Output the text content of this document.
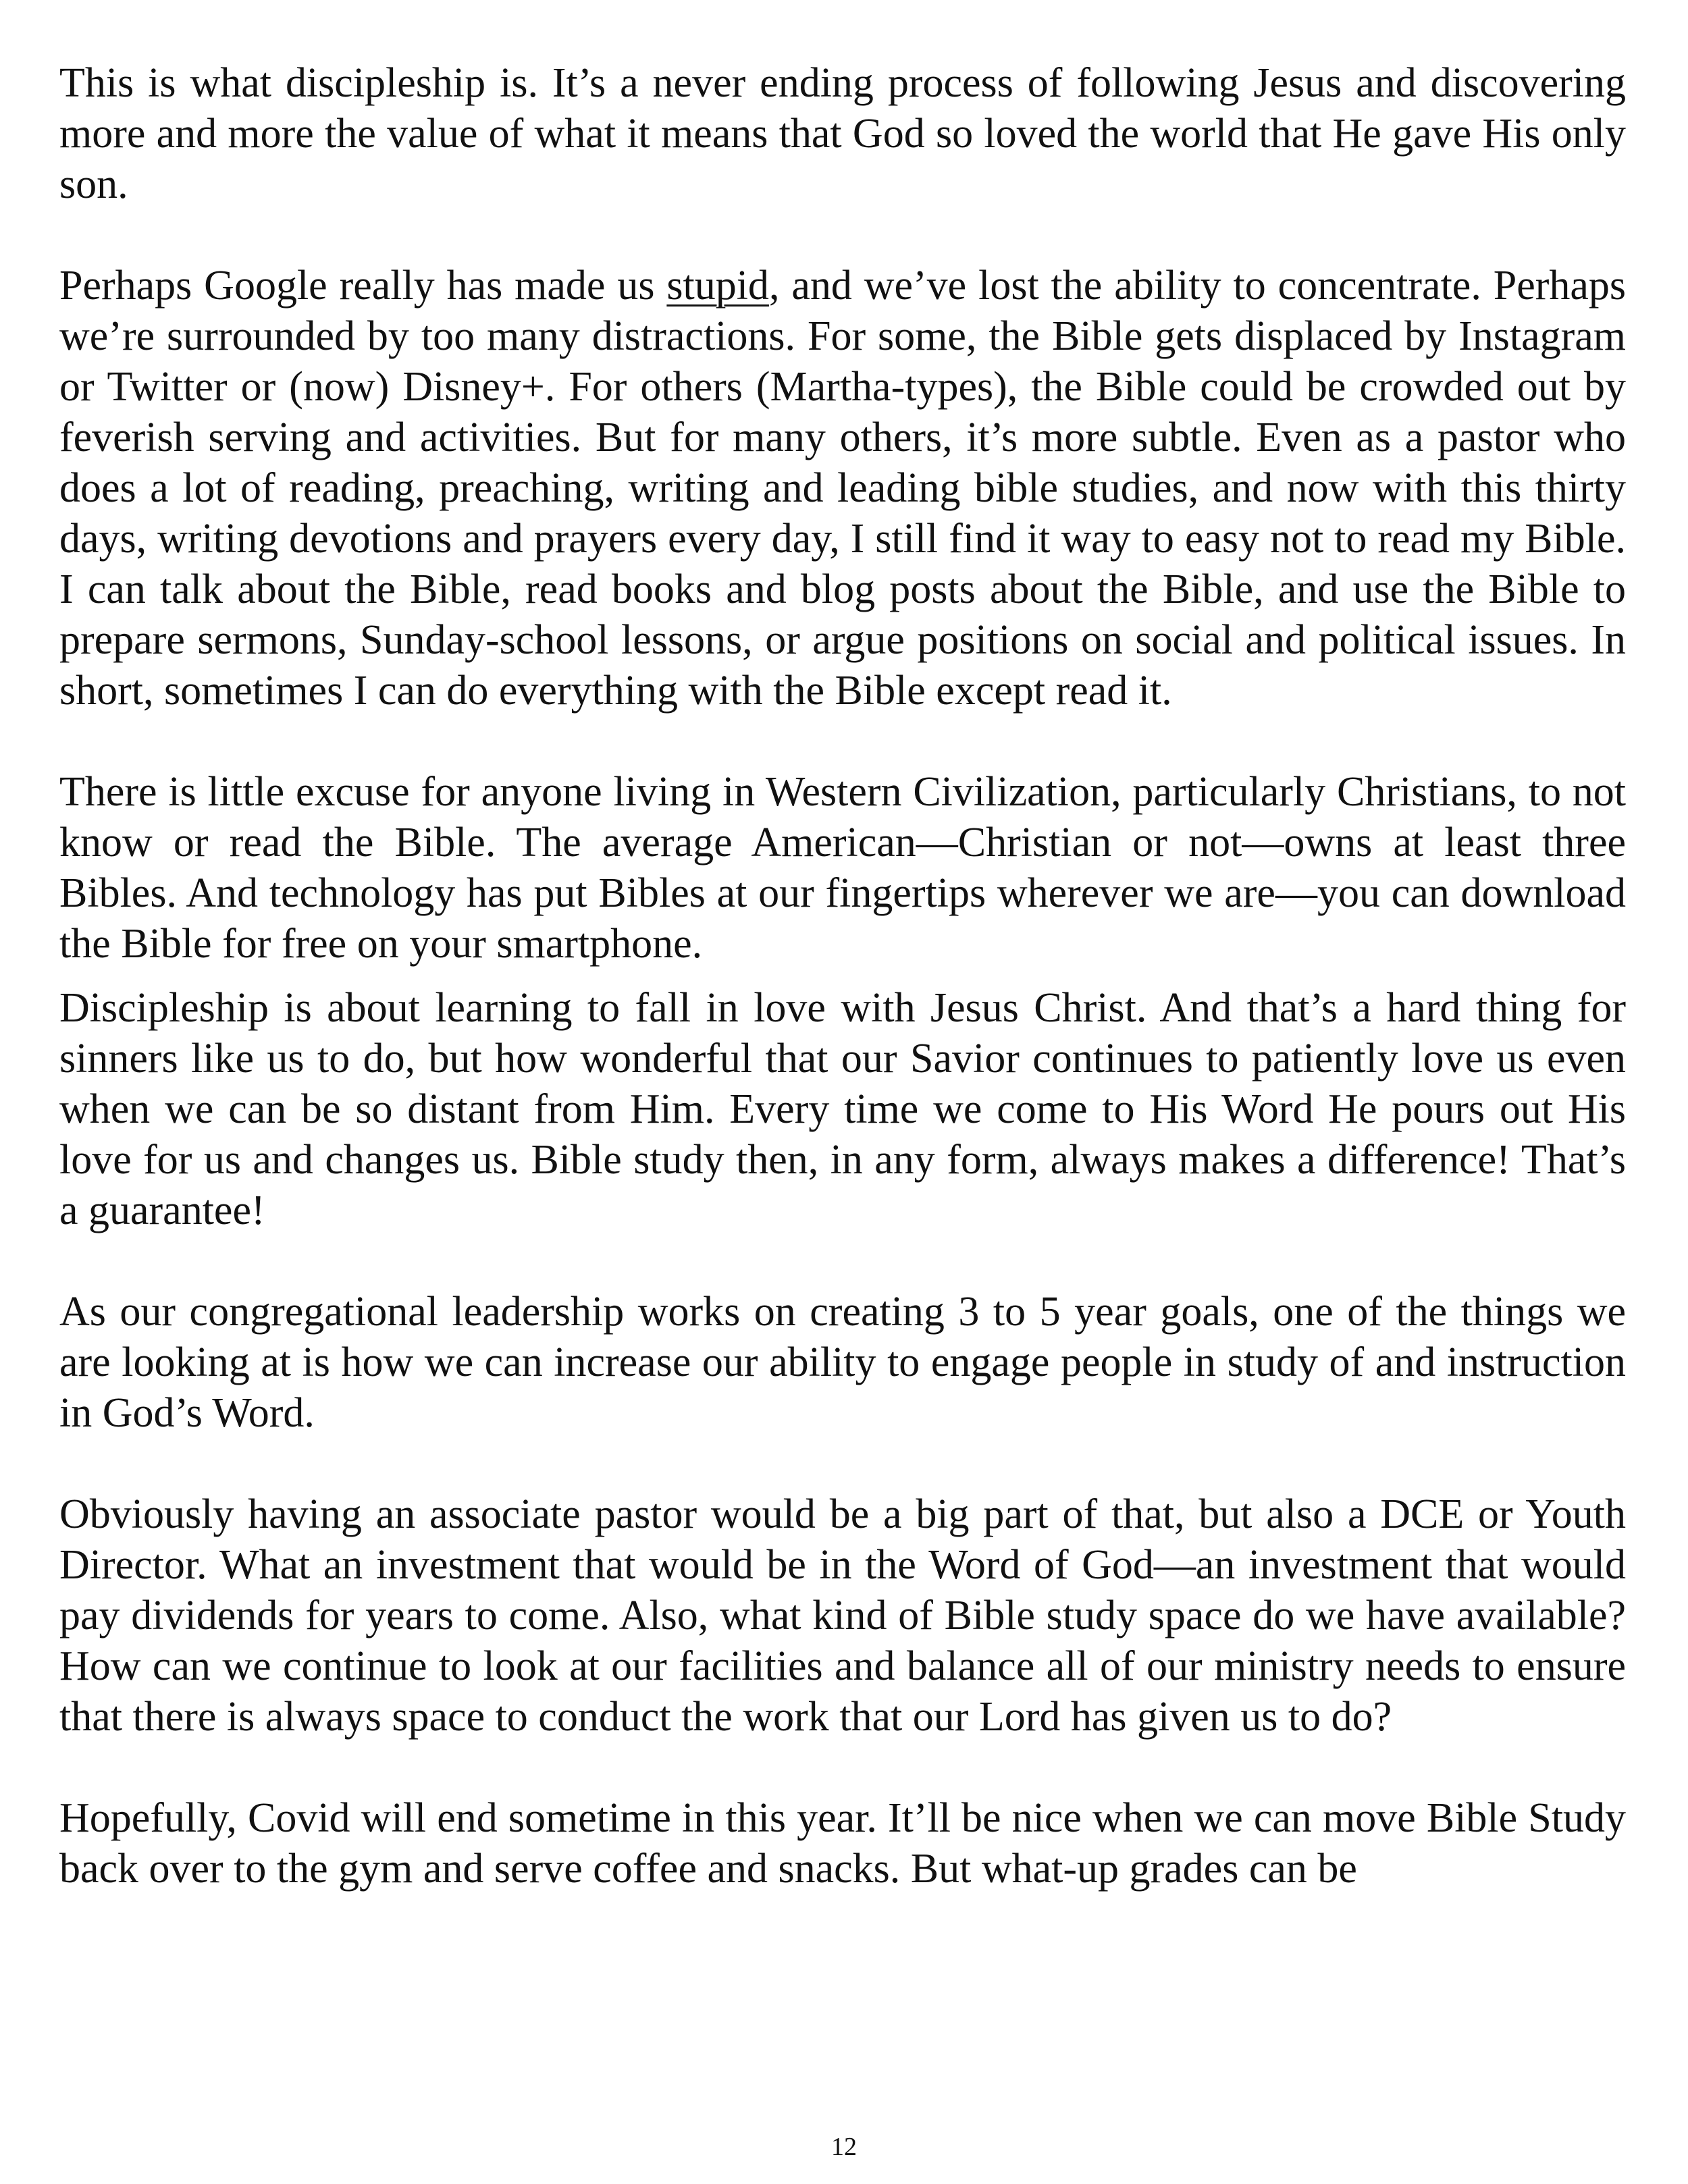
This is what discipleship is. It’s a never ending process of following Jesus and discovering more and more the value of what it means that God so loved the world that He gave His only son.

Perhaps Google really has made us stupid, and we’ve lost the ability to concentrate. Perhaps we’re surrounded by too many distractions. For some, the Bible gets displaced by Instagram or Twitter or (now) Disney+. For others (Martha-types), the Bible could be crowded out by feverish serving and activities. But for many others, it’s more subtle. Even as a pastor who does a lot of reading, preaching, writing and leading bible studies, and now with this thirty days, writing devotions and prayers every day, I still find it way to easy not to read my Bible. I can talk about the Bible, read books and blog posts about the Bible, and use the Bible to prepare sermons, Sunday-school lessons, or argue positions on social and political issues. In short, sometimes I can do everything with the Bible except read it.

There is little excuse for anyone living in Western Civilization, particularly Christians, to not know or read the Bible. The average American—Christian or not—owns at least three Bibles. And technology has put Bibles at our fingertips wherever we are—you can download the Bible for free on your smartphone.

Discipleship is about learning to fall in love with Jesus Christ. And that’s a hard thing for sinners like us to do, but how wonderful that our Savior continues to patiently love us even when we can be so distant from Him. Every time we come to His Word He pours out His love for us and changes us. Bible study then, in any form, always makes a difference! That’s a guarantee!

As our congregational leadership works on creating 3 to 5 year goals, one of the things we are looking at is how we can increase our ability to engage people in study of and instruction in God’s Word.

Obviously having an associate pastor would be a big part of that, but also a DCE or Youth Director. What an investment that would be in the Word of God—an investment that would pay dividends for years to come. Also, what kind of Bible study space do we have available? How can we continue to look at our facilities and balance all of our ministry needs to ensure that there is always space to conduct the work that our Lord has given us to do?

Hopefully, Covid will end sometime in this year. It’ll be nice when we can move Bible Study back over to the gym and serve coffee and snacks. But what-up grades can be

12
